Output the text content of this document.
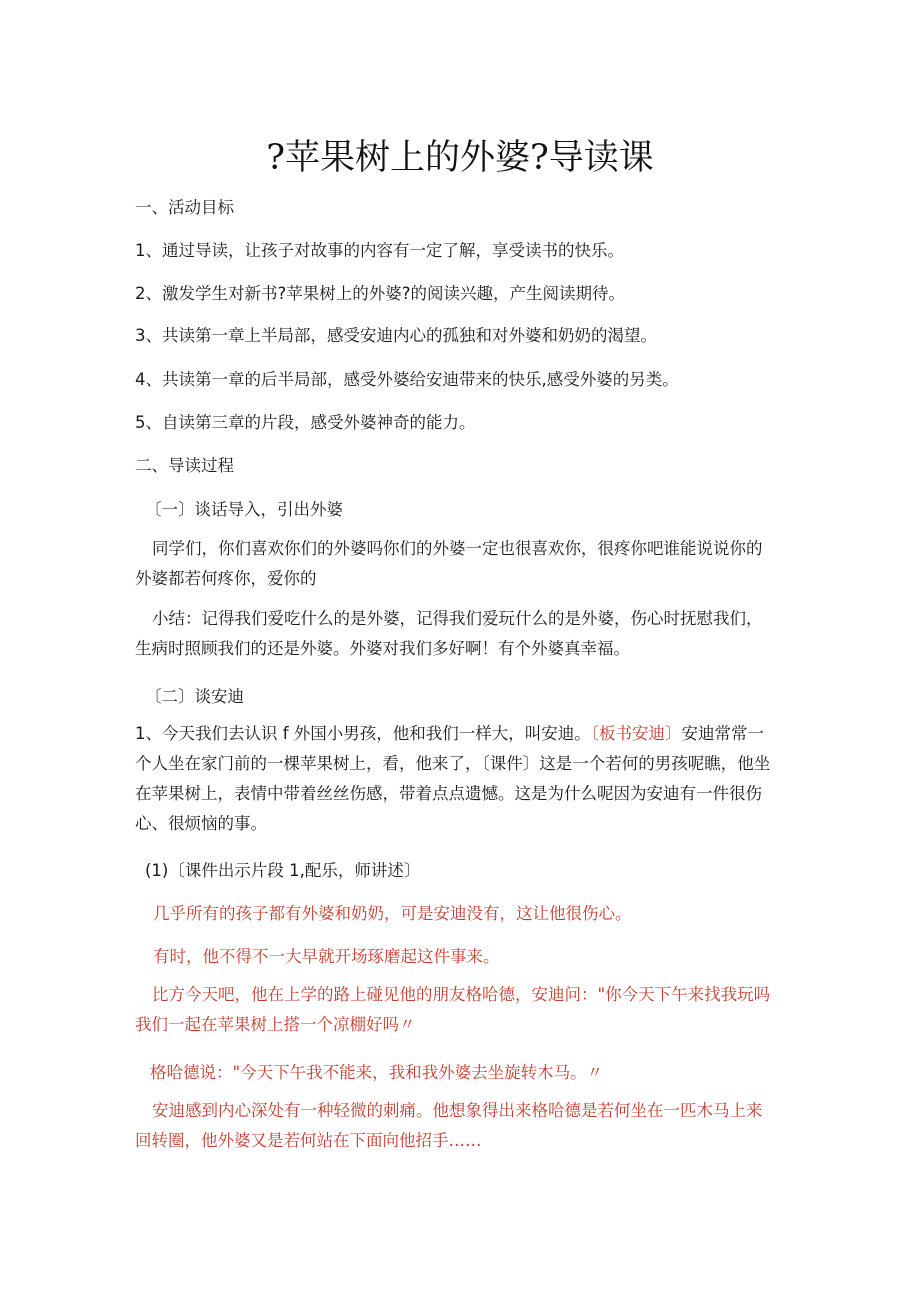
?苹果树上的外婆?导读课
一、活动目标
1、通过导读，让孩子对故事的内容有一定了解，享受读书的快乐。
2、激发学生对新书?苹果树上的外婆?的阅读兴趣，产生阅读期待。
3、共读第一章上半局部，感受安迪内心的孤独和对外婆和奶奶的渴望。
4、共读第一章的后半局部，感受外婆给安迪带来的快乐,感受外婆的另类。
5、自读第三章的片段，感受外婆神奇的能力。
二、导读过程
〔一〕谈话导入，引出外婆
同学们，你们喜欢你们的外婆吗你们的外婆一定也很喜欢你，很疼你吧谁能说说你的外婆都若何疼你，爱你的
小结：记得我们爱吃什么的是外婆，记得我们爱玩什么的是外婆，伤心时抚慰我们，生病时照顾我们的还是外婆。外婆对我们多好啊！有个外婆真幸福。
〔二〕谈安迪
1、今天我们去认识 f 外国小男孩，他和我们一样大，叫安迪。〔板书安迪〕安迪常常一个人坐在家门前的一棵苹果树上，看，他来了，〔课件〕这是一个若何的男孩呢瞧，他坐在苹果树上，表情中带着丝丝伤感，带着点点遗憾。这是为什么呢因为安迪有一件很伤心、很烦恼的事。
(1)〔课件出示片段 1,配乐，师讲述〕
几乎所有的孩子都有外婆和奶奶，可是安迪没有，这让他很伤心。
有时，他不得不一大早就开场琢磨起这件事来。
比方今天吧，他在上学的路上碰见他的朋友格哈德，安迪问："你今天下午来找我玩吗我们一起在苹果树上搭一个凉棚好吗〃
格哈德说："今天下午我不能来，我和我外婆去坐旋转木马。〃
安迪感到内心深处有一种轻微的刺痛。他想象得出来格哈德是若何坐在一匹木马上来回转圈，他外婆又是若何站在下面向他招手……
